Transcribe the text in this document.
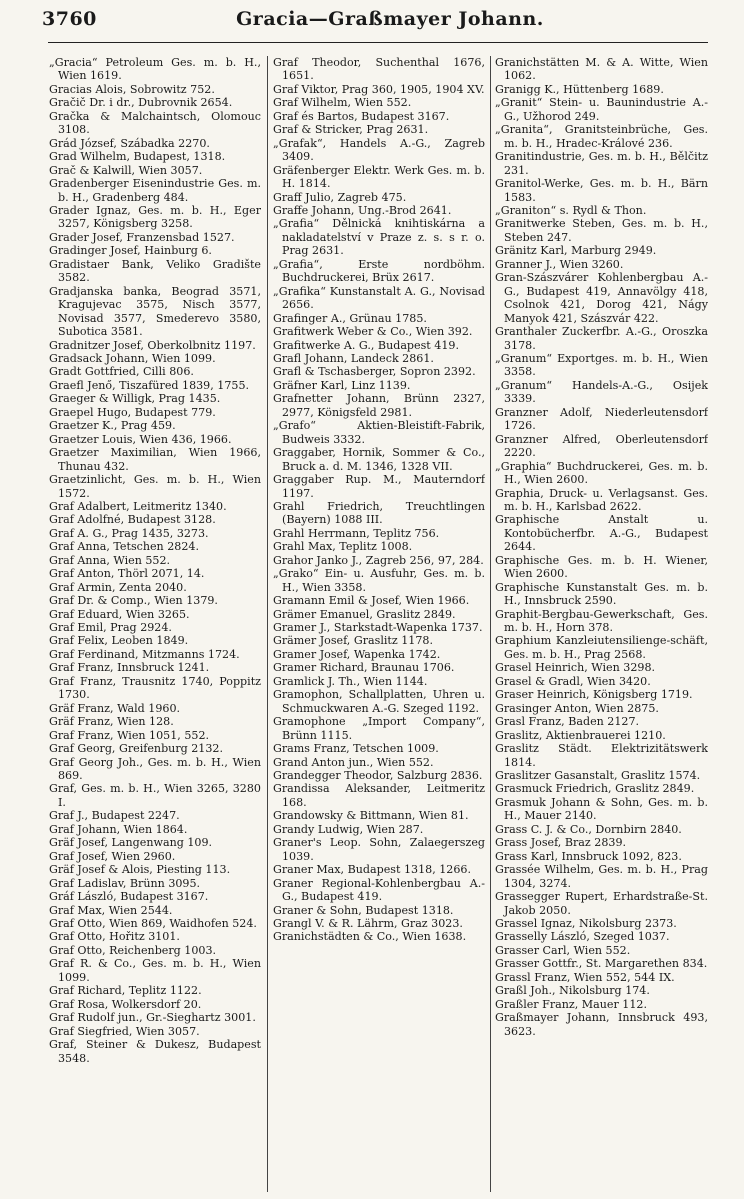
3760	Gracia—Graßmayer Johann.

„Gracia“ Petroleum Ges. m. b. H., Wien 1619.

Gracias Alois, Sobrowitz 752.

Gračič Dr. i dr., Dubrovnik 2654.

Gračka & Malchaintsch, Olomouc 3108.

Grád József, Szábadka 2270.

Grad Wilhelm, Budapest, 1318.

Grač & Kalwill, Wien 3057.

Gradenberger Eisenindustrie Ges. m. b. H., Gradenberg 484.

Grader Ignaz, Ges. m. b. H., Eger 3257, Königsberg 3258.

Grader Josef, Franzensbad 1527.

Gradinger Josef, Hainburg 6.

Gradistaer Bank, Veliko Gradište 3582.

Gradjanska banka, Beograd 3571, Kragujevac 3575, Nisch 3577, Novisad 3577, Smederevo 3580, Subotica 3581.

Gradnitzer Josef, Oberkolbnitz 1197.

Gradsack Johann, Wien 1099.

Gradt Gottfried, Cilli 806.

Graefl Jenő, Tiszafüred 1839, 1755.

Graeger & Willigk, Prag 1435.

Graepel Hugo, Budapest 779.

Graetzer K., Prag 459.

Graetzer Louis, Wien 436, 1966.

Graetzer Maximilian, Wien 1966, Thunau 432.

Graetzinlicht, Ges. m. b. H., Wien 1572.

Graf Adalbert, Leitmeritz 1340.

Graf Adolfné, Budapest 3128.

Graf A. G., Prag 1435, 3273.

Graf Anna, Tetschen 2824.

Graf Anna, Wien 552.

Graf Anton, Thörl 2071, 14.

Graf Armin, Zenta 2040.

Graf Dr. & Comp., Wien 1379.

Graf Eduard, Wien 3265.

Graf Emil, Prag 2924.

Graf Felix, Leoben 1849.

Graf Ferdinand, Mitzmanns 1724.

Graf Franz, Innsbruck 1241.

Graf Franz, Trausnitz 1740, Poppitz 1730.

Gräf Franz, Wald 1960.

Gräf Franz, Wien 128.

Graf Franz, Wien 1051, 552.

Graf Georg, Greifenburg 2132.

Graf Georg Joh., Ges. m. b. H., Wien 869.

Graf, Ges. m. b. H., Wien 3265, 3280 I.

Graf J., Budapest 2247.

Graf Johann, Wien 1864.

Gräf Josef, Langenwang 109.

Graf Josef, Wien 2960.

Gräf Josef & Alois, Piesting 113.

Graf Ladislav, Brünn 3095.

Gráf László, Budapest 3167.

Graf Max, Wien 2544.

Graf Otto, Wien 869, Waidhofen 524.

Graf Otto, Hořitz 3101.

Graf Otto, Reichenberg 1003.

Graf R. & Co., Ges. m. b. H., Wien 1099.

Graf Richard, Teplitz 1122.

Graf Rosa, Wolkersdorf 20.

Graf Rudolf jun., Gr.-Sieghartz 3001.

Graf Siegfried, Wien 3057.

Graf, Steiner & Dukesz, Budapest 3548.

Graf Theodor, Suchenthal 1676, 1651.

Graf Viktor, Prag 360, 1905, 1904 XV.

Graf Wilhelm, Wien 552.

Graf és Bartos, Budapest 3167.

Graf & Stricker, Prag 2631.

„Grafak“, Handels A.-G., Zagreb 3409.

Gräfenberger Elektr. Werk Ges. m. b. H. 1814.

Graff Julio, Zagreb 475.

Graffe Johann, Ung.-Brod 2641.

„Grafia“ Dělnická knihtiskárna a nakladatelství v Praze z. s. s r. o. Prag 2631.

„Grafia“, Erste nordböhm. Buchdruckerei, Brüx 2617.

„Grafika“ Kunstanstalt A. G., Novisad 2656.

Grafinger A., Grünau 1785.

Grafitwerk Weber & Co., Wien 392.

Grafitwerke A. G., Budapest 419.

Grafl Johann, Landeck 2861.

Grafl & Tschasberger, Sopron 2392.

Gräfner Karl, Linz 1139.

Grafnetter Johann, Brünn 2327, 2977, Königsfeld 2981.

„Grafo“ Aktien-Bleistift-Fabrik, Budweis 3332.

Graggaber, Hornik, Sommer & Co., Bruck a. d. M. 1346, 1328 VII.

Graggaber Rup. M., Mauterndorf 1197.

Grahl Friedrich, Treuchtlingen (Bayern) 1088 III.

Grahl Herrmann, Teplitz 756.

Grahl Max, Teplitz 1008.

Grahor Janko J., Zagreb 256, 97, 284.

„Grako“ Ein- u. Ausfuhr, Ges. m. b. H., Wien 3358.

Gramann Emil & Josef, Wien 1966.

Grämer Emanuel, Graslitz 2849.

Gramer J., Starkstadt-Wapenka 1737.

Grämer Josef, Graslitz 1178.

Gramer Josef, Wapenka 1742.

Gramer Richard, Braunau 1706.

Gramlick J. Th., Wien 1144.

Gramophon, Schallplatten, Uhren u. Schmuckwaren A.-G. Szeged 1192.

Gramophone „Import Company“, Brünn 1115.

Grams Franz, Tetschen 1009.

Grand Anton jun., Wien 552.

Grandegger Theodor, Salzburg 2836.

Grandissa Aleksander, Leitmeritz 168.

Grandowsky & Bittmann, Wien 81.

Grandy Ludwig, Wien 287.

Graner's Leop. Sohn, Zalaegerszeg 1039.

Graner Max, Budapest 1318, 1266.

Graner Regional-Kohlenbergbau A.-G., Budapest 419.

Graner & Sohn, Budapest 1318.

Grangl V. & R. Lährm, Graz 3023.

Granichstädten & Co., Wien 1638.

Granichstätten M. & A. Witte, Wien 1062.

Granigg K., Hüttenberg 1689.

„Granit“ Stein- u. Baunindustrie A.-G., Užhorod 249.

„Granita“, Granitsteinbrüche, Ges. m. b. H., Hradec-Králové 236.

Granitindustrie, Ges. m. b. H., Bělčitz 231.

Granitol-Werke, Ges. m. b. H., Bärn 1583.

„Graniton“ s. Rydl & Thon.

Granitwerke Steben, Ges. m. b. H., Steben 247.

Gränitz Karl, Marburg 2949.

Granner J., Wien 3260.

Gran-Szászvárer Kohlenbergbau A.-G., Budapest 419, Annavölgy 418, Csolnok 421, Dorog 421, Nágy Manyok 421, Szászvár 422.

Granthaler Zuckerfbr. A.-G., Oroszka 3178.

„Granum“ Exportges. m. b. H., Wien 3358.

„Granum“ Handels-A.-G., Osijek 3339.

Granzner Adolf, Niederleutensdorf 1726.

Granzner Alfred, Oberleutensdorf 2220.

„Graphia“ Buchdruckerei, Ges. m. b. H., Wien 2600.

Graphia, Druck- u. Verlagsanst. Ges. m. b. H., Karlsbad 2622.

Graphische Anstalt u. Kontobücherfbr. A.-G., Budapest 2644.

Graphische Ges. m. b. H. Wiener, Wien 2600.

Graphische Kunstanstalt Ges. m. b. H., Innsbruck 2590.

Graphit-Bergbau-Gewerkschaft, Ges. m. b. H., Horn 378.

Graphium Kanzleiutensilienge-schäft, Ges. m. b. H., Prag 2568.

Grasel Heinrich, Wien 3298.

Grasel & Gradl, Wien 3420.

Graser Heinrich, Königsberg 1719.

Grasinger Anton, Wien 2875.

Grasl Franz, Baden 2127.

Graslitz, Aktienbrauerei 1210.

Graslitz Städt. Elektrizitätswerk 1814.

Graslitzer Gasanstalt, Graslitz 1574.

Grasmuck Friedrich, Graslitz 2849.

Grasmuk Johann & Sohn, Ges. m. b. H., Mauer 2140.

Grass C. J. & Co., Dornbirn 2840.

Grass Josef, Braz 2839.

Grass Karl, Innsbruck 1092, 823.

Grassée Wilhelm, Ges. m. b. H., Prag 1304, 3274.

Grassegger Rupert, Erhardstraße-St. Jakob 2050.

Grassel Ignaz, Nikolsburg 2373.

Grasselly László, Szeged 1037.

Grasser Carl, Wien 552.

Grasser Gottfr., St. Margarethen 834.

Grassl Franz, Wien 552, 544 IX.

Graßl Joh., Nikolsburg 174.

Graßler Franz, Mauer 112.

Graßmayer Johann, Innsbruck 493, 3623.
